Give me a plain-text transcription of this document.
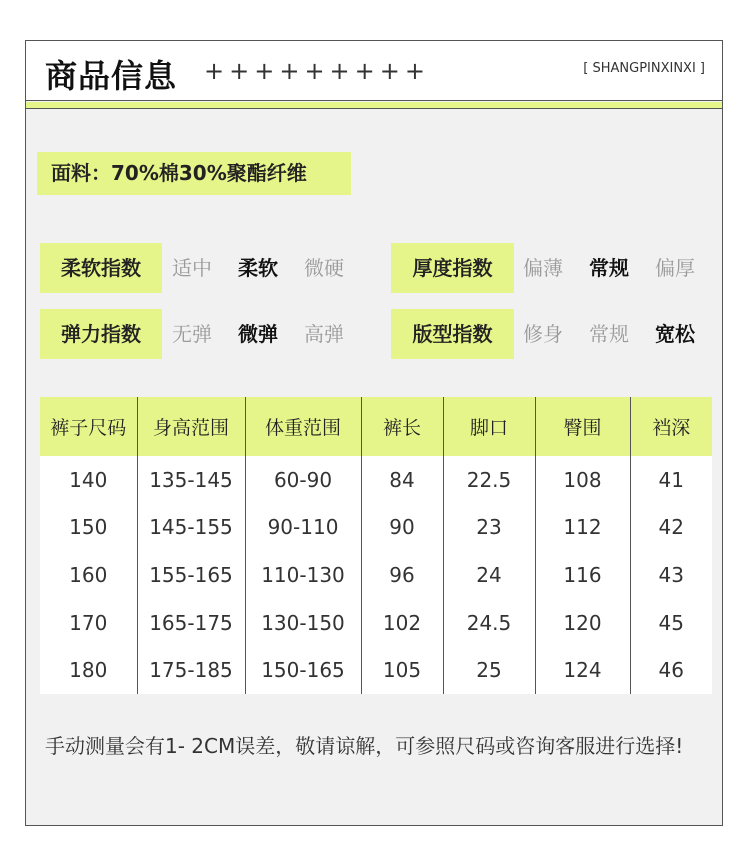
商品信息 +++++++++	[ SHANGPINXINXI ]
面料：70%棉30%聚酯纤维
柔软指数	适中 柔软 微硬	厚度指数	偏薄 常规 偏厚
弹力指数	无弹 微弹 高弹	版型指数	修身 常规 宽松
裤子尺码	身高范围	体重范围	裤长	脚口	臀围	裆深
140	135-145	60-90	84	22.5	108	41
150	145-155	90-110	90	23	112	42
160	155-165	110-130	96	24	116	43
170	165-175	130-150	102	24.5	120	45
180	175-185	150-165	105	25	124	46
手动测量会有1- 2CM误差，敬请谅解，可参照尺码或咨询客服进行选择!
